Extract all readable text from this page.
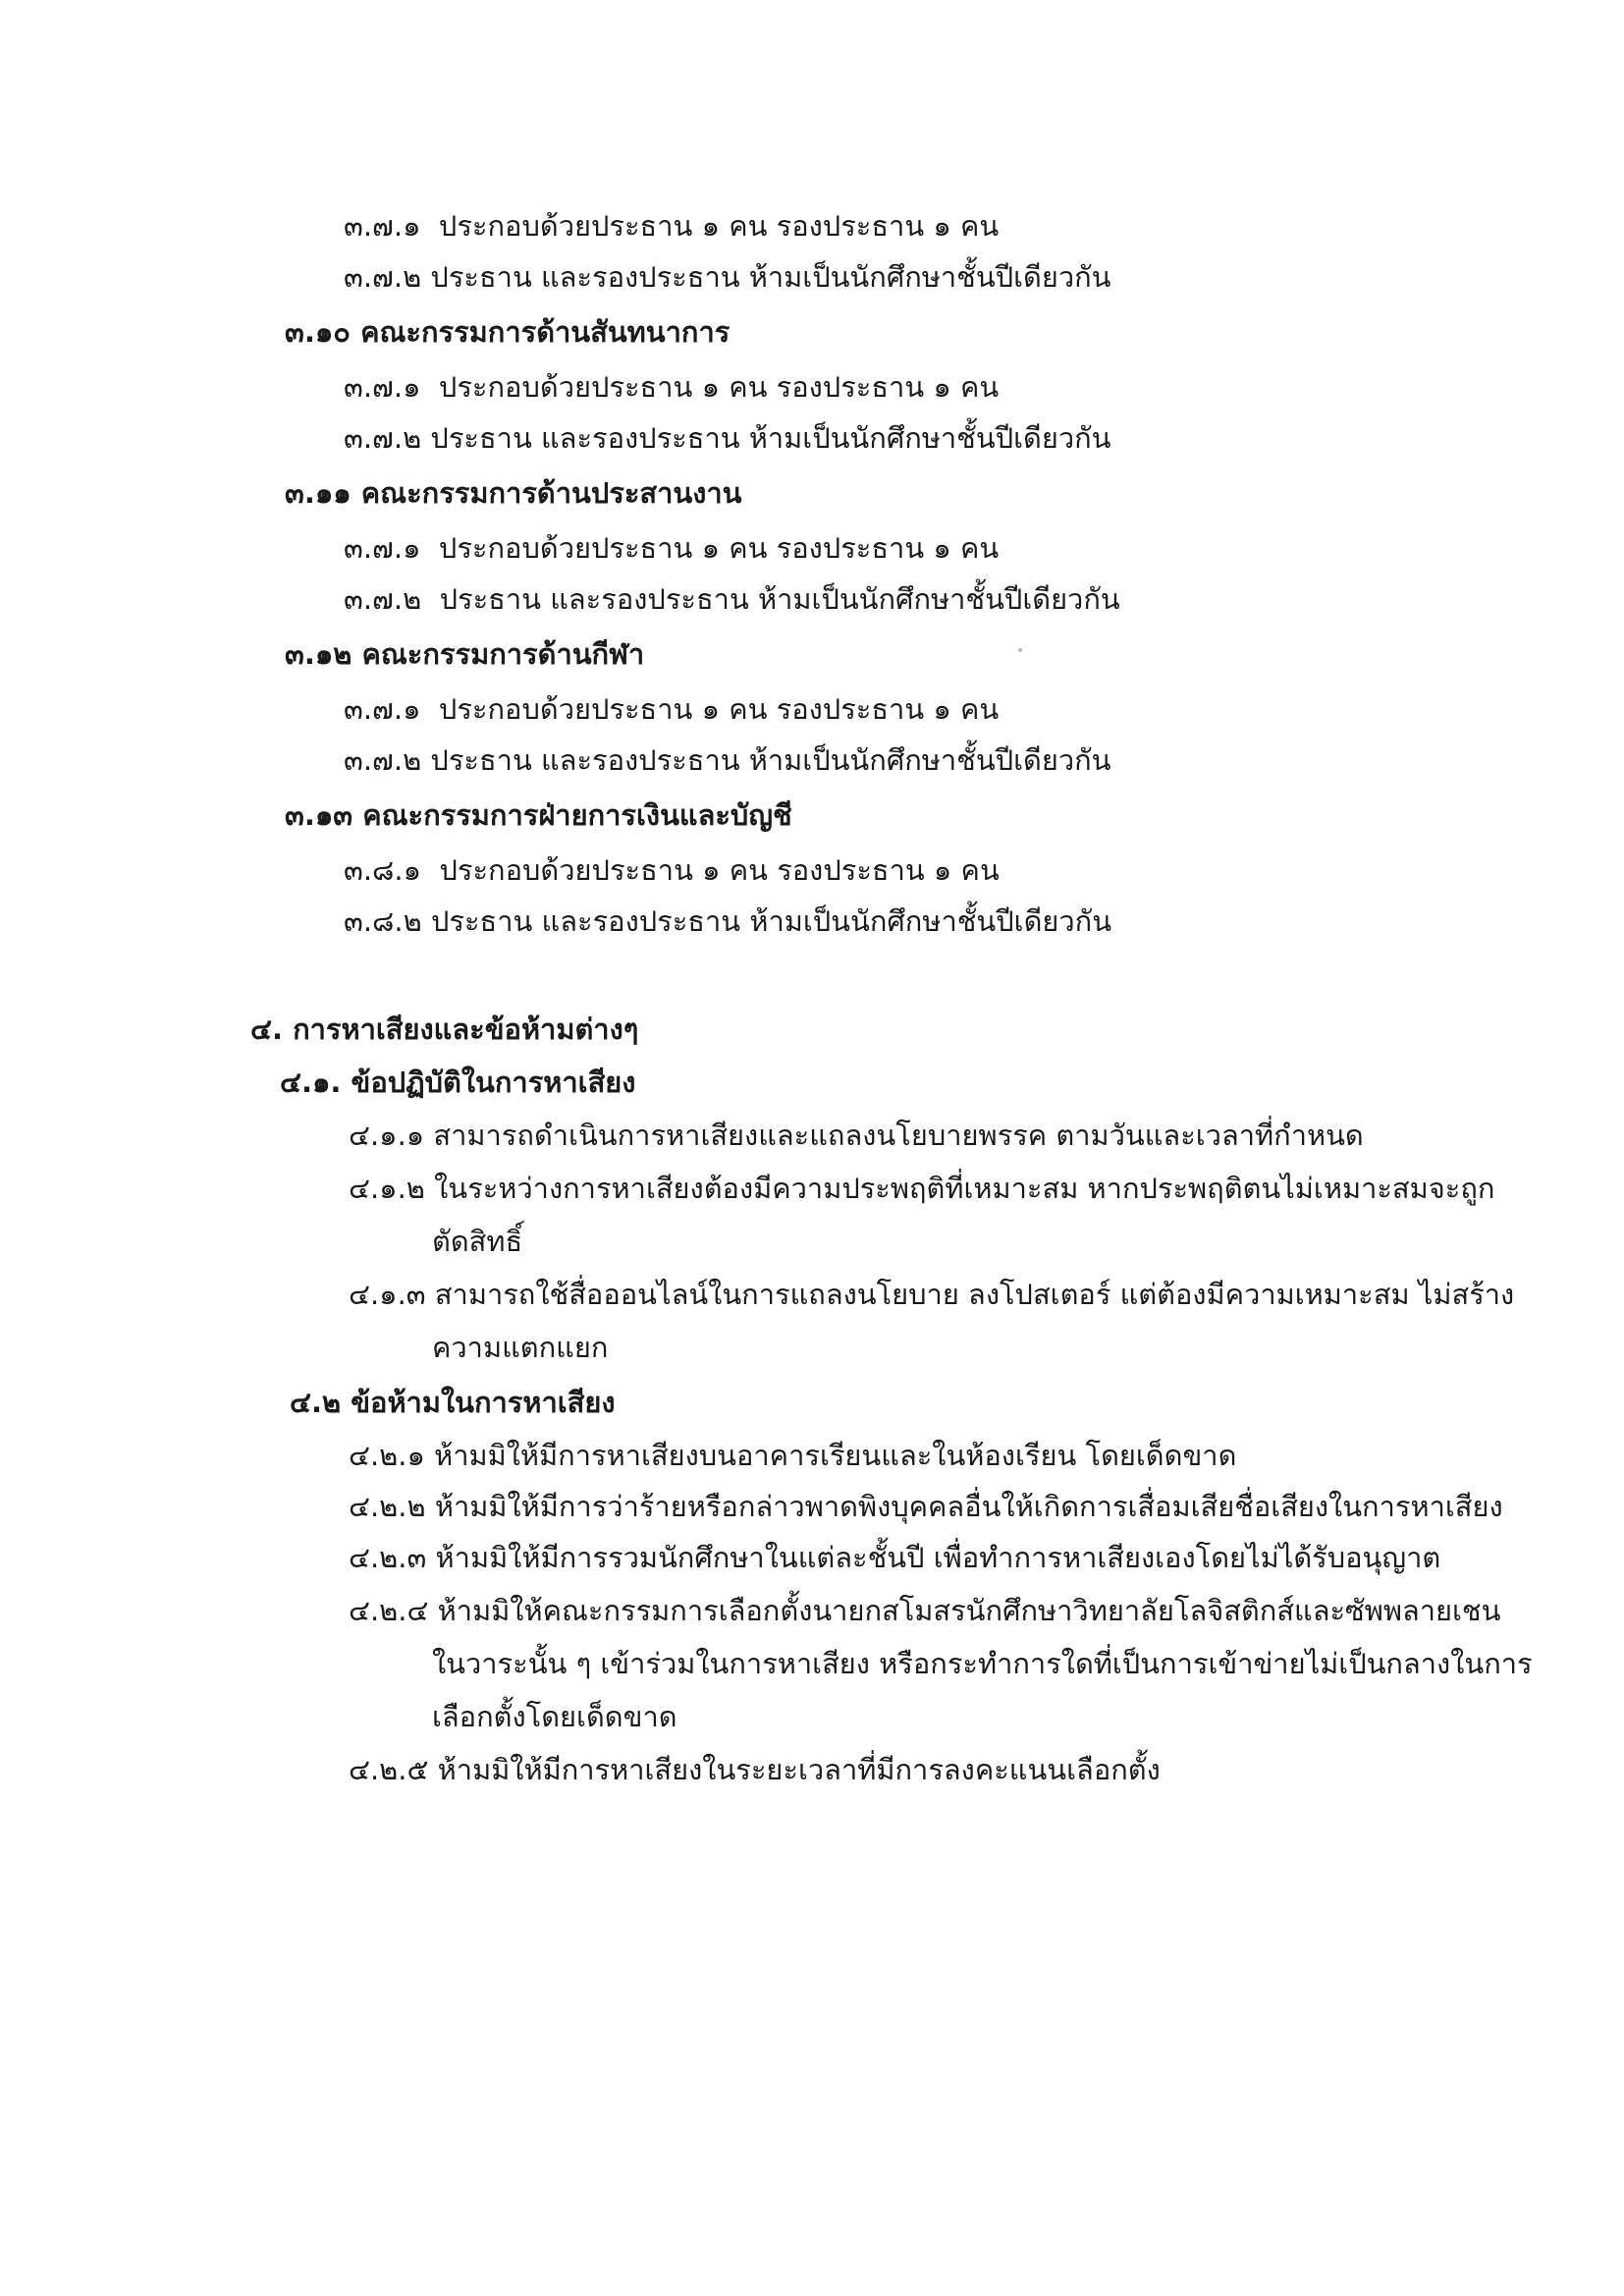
๓.๗.๑ ประกอบด้วยประธาน ๑ คน รองประธาน ๑ คน
๓.๗.๒ ประธาน และรองประธาน ห้ามเป็นนักศึกษาชั้นปีเดียวกัน
๓.๑๐ คณะกรรมการด้านสันทนาการ
๓.๗.๑ ประกอบด้วยประธาน ๑ คน รองประธาน ๑ คน
๓.๗.๒ ประธาน และรองประธาน ห้ามเป็นนักศึกษาชั้นปีเดียวกัน
๓.๑๑ คณะกรรมการด้านประสานงาน
๓.๗.๑ ประกอบด้วยประธาน ๑ คน รองประธาน ๑ คน
๓.๗.๒ ประธาน และรองประธาน ห้ามเป็นนักศึกษาชั้นปีเดียวกัน
๓.๑๒ คณะกรรมการด้านกีฬา
๓.๗.๑ ประกอบด้วยประธาน ๑ คน รองประธาน ๑ คน
๓.๗.๒ ประธาน และรองประธาน ห้ามเป็นนักศึกษาชั้นปีเดียวกัน
๓.๑๓ คณะกรรมการฝ่ายการเงินและบัญชี
๓.๘.๑ ประกอบด้วยประธาน ๑ คน รองประธาน ๑ คน
๓.๘.๒ ประธาน และรองประธาน ห้ามเป็นนักศึกษาชั้นปีเดียวกัน
๔. การหาเสียงและข้อห้ามต่างๆ
๔.๑. ข้อปฏิบัติในการหาเสียง
๔.๑.๑ สามารถดำเนินการหาเสียงและแถลงนโยบายพรรค ตามวันและเวลาที่กำหนด
๔.๑.๒ ในระหว่างการหาเสียงต้องมีความประพฤติที่เหมาะสม หากประพฤติตนไม่เหมาะสมจะถูก
ตัดสิทธิ์
๔.๑.๓ สามารถใช้สื่อออนไลน์ในการแถลงนโยบาย ลงโปสเตอร์ แต่ต้องมีความเหมาะสม ไม่สร้าง
ความแตกแยก
๔.๒ ข้อห้ามในการหาเสียง
๔.๒.๑ ห้ามมิให้มีการหาเสียงบนอาคารเรียนและในห้องเรียน โดยเด็ดขาด
๔.๒.๒ ห้ามมิให้มีการว่าร้ายหรือกล่าวพาดพิงบุคคลอื่นให้เกิดการเสื่อมเสียชื่อเสียงในการหาเสียง
๔.๒.๓ ห้ามมิให้มีการรวมนักศึกษาในแต่ละชั้นปี เพื่อทำการหาเสียงเองโดยไม่ได้รับอนุญาต
๔.๒.๔ ห้ามมิให้คณะกรรมการเลือกตั้งนายกสโมสรนักศึกษาวิทยาลัยโลจิสติกส์และซัพพลายเชน
ในวาระนั้น ๆ เข้าร่วมในการหาเสียง หรือกระทำการใดที่เป็นการเข้าข่ายไม่เป็นกลางในการ
เลือกตั้งโดยเด็ดขาด
๔.๒.๕ ห้ามมิให้มีการหาเสียงในระยะเวลาที่มีการลงคะแนนเลือกตั้ง
